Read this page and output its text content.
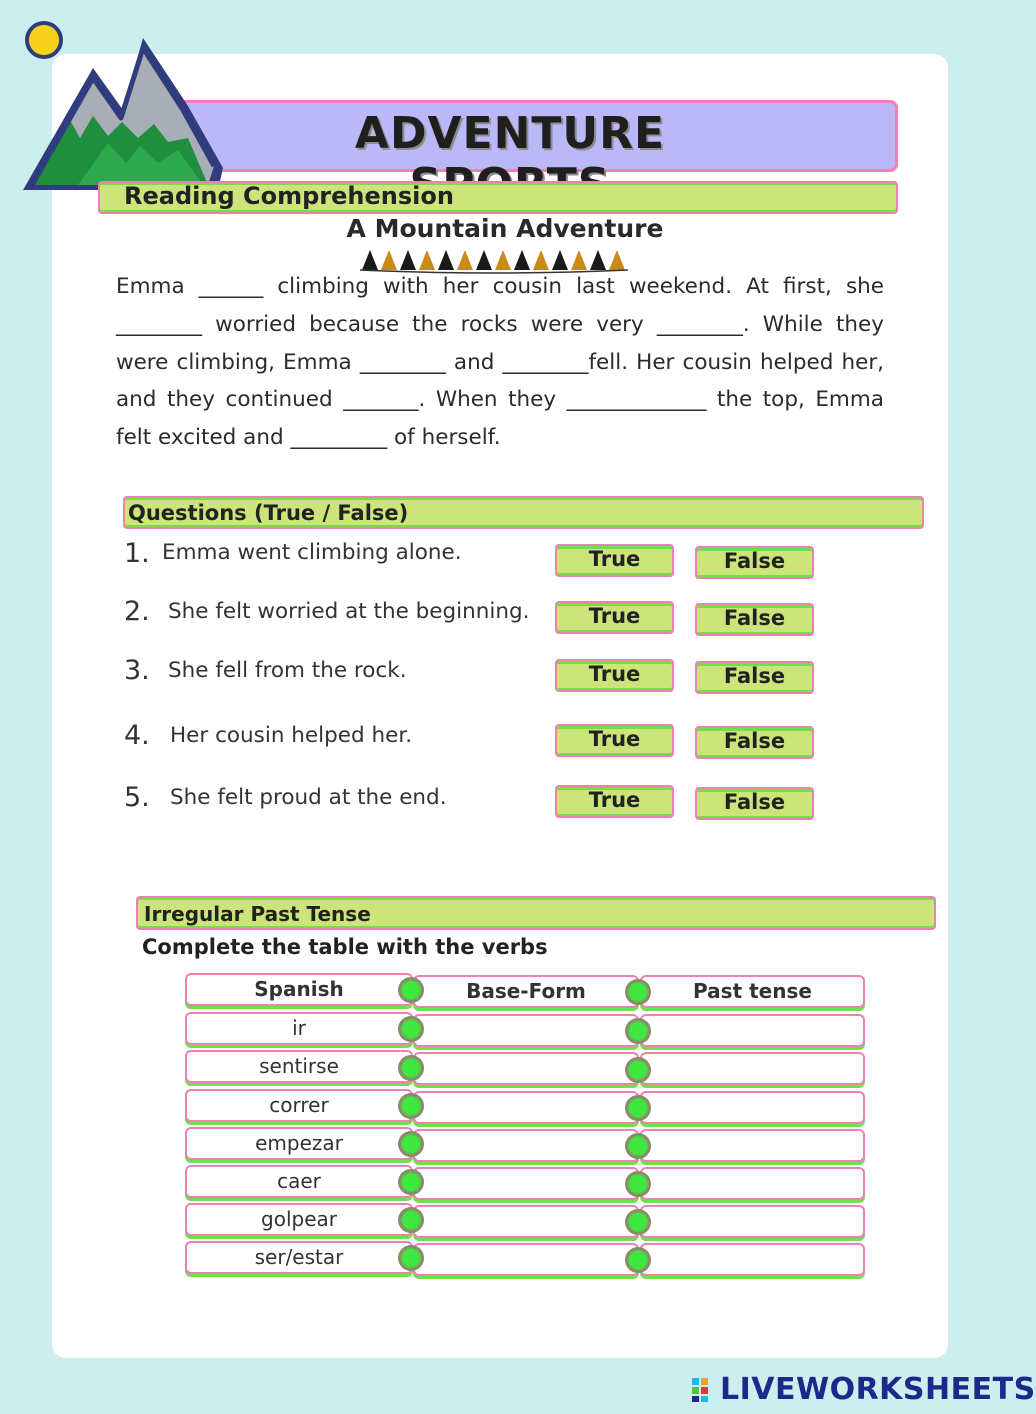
ADVENTURE
Reading Comprehension
A Mountain Adventure
Emma ______ climbing with her cousin last weekend. At first, she ________ worried because the rocks were very ________. While they were climbing, Emma ________ and ________fell. Her cousin helped her, and they continued _______. When they _____________ the top, Emma felt excited and _________ of herself.
Questions (True / False)
1. Emma went climbing alone.	True	False
2. She felt worried at the beginning.	True	False
3. She fell from the rock.	True	False
4. Her cousin helped her.	True	False
5. She felt proud at the end.	True	False
Irregular Past Tense
Complete the table with the verbs
Spanish	Base-Form	Past tense
ir
sentirse
correr
empezar
caer
golpear
ser/estar
LIVEWORKSHEETS
